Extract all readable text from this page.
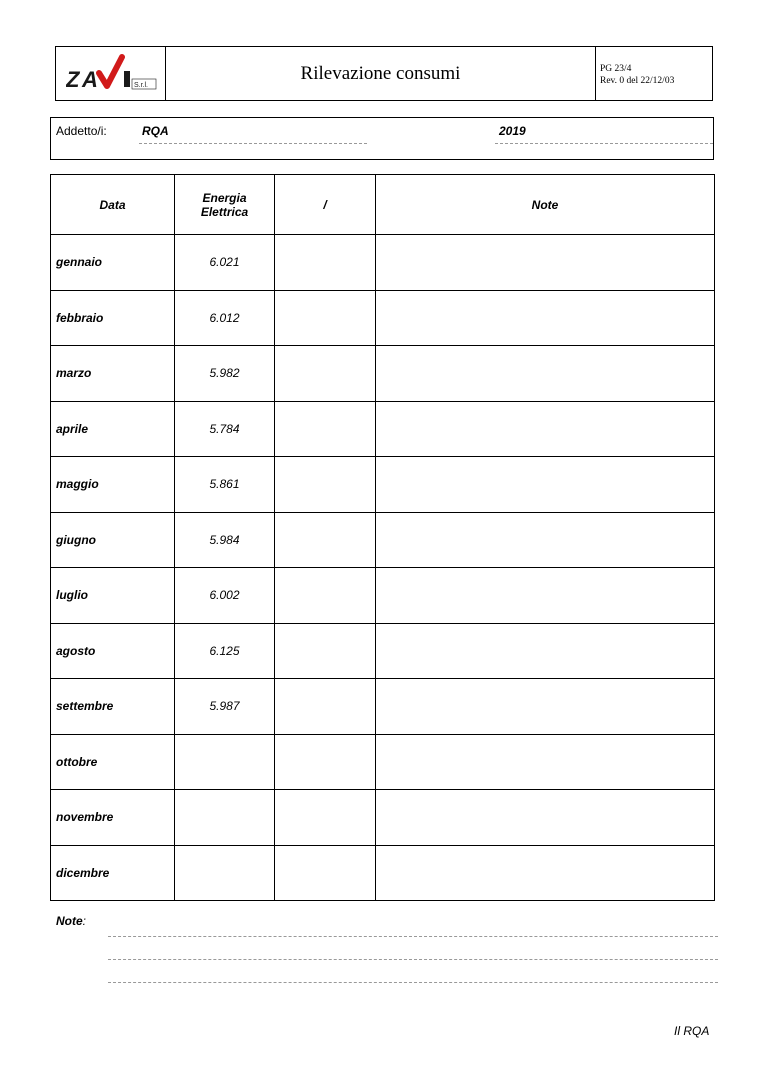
Z A	S.r.l.
Rilevazione consumi	PG 23/4
Rev. 0 del 22/12/03
Addetto/i:	RQA	2019
Data	Energia Elettrica	/	Note
gennaio	6.021		
febbraio	6.012		
marzo	5.982		
aprile	5.784		
maggio	5.861		
giugno	5.984		
luglio	6.002		
agosto	6.125		
settembre	5.987		
ottobre			
novembre			
dicembre			
Note:
Il RQA
